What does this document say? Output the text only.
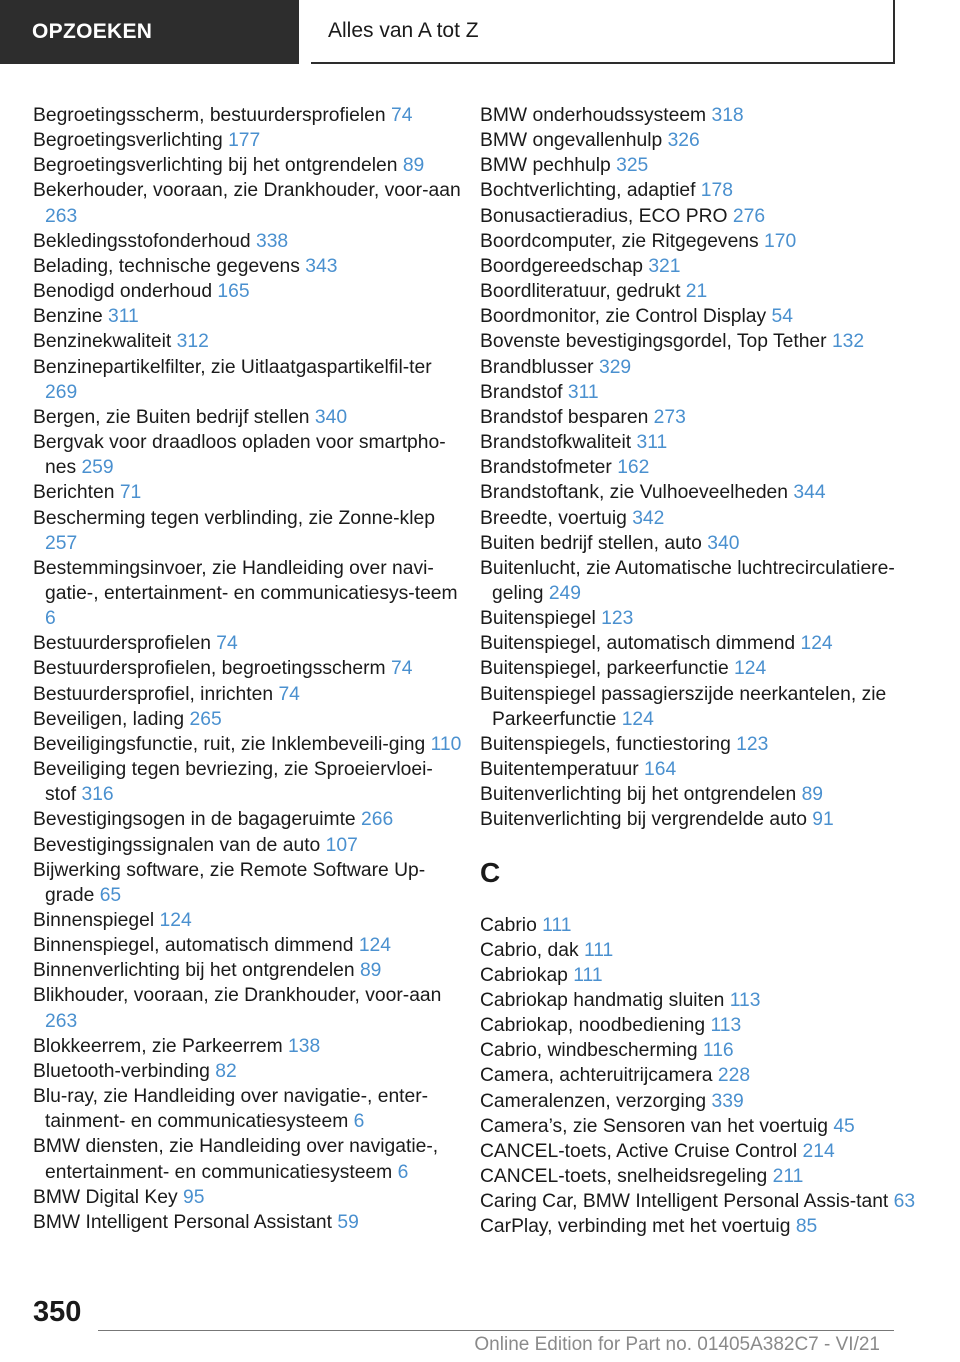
OPZOEKEN	Alles van A tot Z
Begroetingsscherm, bestuurdersprofielen 74
Begroetingsverlichting 177
Begroetingsverlichting bij het ontgrendelen 89
Bekerhouder, vooraan, zie Drankhouder, voor‐aan 263
Bekledingsstofonderhoud 338
Belading, technische gegevens 343
Benodigd onderhoud 165
Benzine 311
Benzinekwaliteit 312
Benzinepartikelfilter, zie Uitlaatgaspartikelfil‐ter 269
Bergen, zie Buiten bedrijf stellen 340
Bergvak voor draadloos opladen voor smartpho‐nes 259
Berichten 71
Bescherming tegen verblinding, zie Zonne‐klep 257
Bestemmingsinvoer, zie Handleiding over navi‐gatie-, entertainment- en communicatiesys‐teem 6
Bestuurdersprofielen 74
Bestuurdersprofielen, begroetingsscherm 74
Bestuurdersprofiel, inrichten 74
Beveiligen, lading 265
Beveiligingsfunctie, ruit, zie Inklembeveili‐ging 110
Beveiliging tegen bevriezing, zie Sproeiervloei‐stof 316
Bevestigingsogen in de bagageruimte 266
Bevestigingssignalen van de auto 107
Bijwerking software, zie Remote Software Up‐grade 65
Binnenspiegel 124
Binnenspiegel, automatisch dimmend 124
Binnenverlichting bij het ontgrendelen 89
Blikhouder, vooraan, zie Drankhouder, voor‐aan 263
Blokkeerrem, zie Parkeerrem 138
Bluetooth-verbinding 82
Blu-ray, zie Handleiding over navigatie-, enter‐tainment- en communicatiesysteem 6
BMW diensten, zie Handleiding over navigatie-, entertainment- en communicatiesysteem 6
BMW Digital Key 95
BMW Intelligent Personal Assistant 59
BMW onderhoudssysteem 318
BMW ongevallenhulp 326
BMW pechhulp 325
Bochtverlichting, adaptief 178
Bonusactieradius, ECO PRO 276
Boordcomputer, zie Ritgegevens 170
Boordgereedschap 321
Boordliteratuur, gedrukt 21
Boordmonitor, zie Control Display 54
Bovenste bevestigingsgordel, Top Tether 132
Brandblusser 329
Brandstof 311
Brandstof besparen 273
Brandstofkwaliteit 311
Brandstofmeter 162
Brandstoftank, zie Vulhoeveelheden 344
Breedte, voertuig 342
Buiten bedrijf stellen, auto 340
Buitenlucht, zie Automatische luchtrecirculatiere‐geling 249
Buitenspiegel 123
Buitenspiegel, automatisch dimmend 124
Buitenspiegel, parkeerfunctie 124
Buitenspiegel passagierszijde neerkantelen, zie Parkeerfunctie 124
Buitenspiegels, functiestoring 123
Buitentemperatuur 164
Buitenverlichting bij het ontgrendelen 89
Buitenverlichting bij vergrendelde auto 91
C
Cabrio 111
Cabrio, dak 111
Cabriokap 111
Cabriokap handmatig sluiten 113
Cabriokap, noodbediening 113
Cabrio, windbescherming 116
Camera, achteruitrijcamera 228
Cameralenzen, verzorging 339
Camera’s, zie Sensoren van het voertuig 45
CANCEL-toets, Active Cruise Control 214
CANCEL-toets, snelheidsregeling 211
Caring Car, BMW Intelligent Personal Assis‐tant 63
CarPlay, verbinding met het voertuig 85
350
Online Edition for Part no. 01405A382C7 - VI/21
